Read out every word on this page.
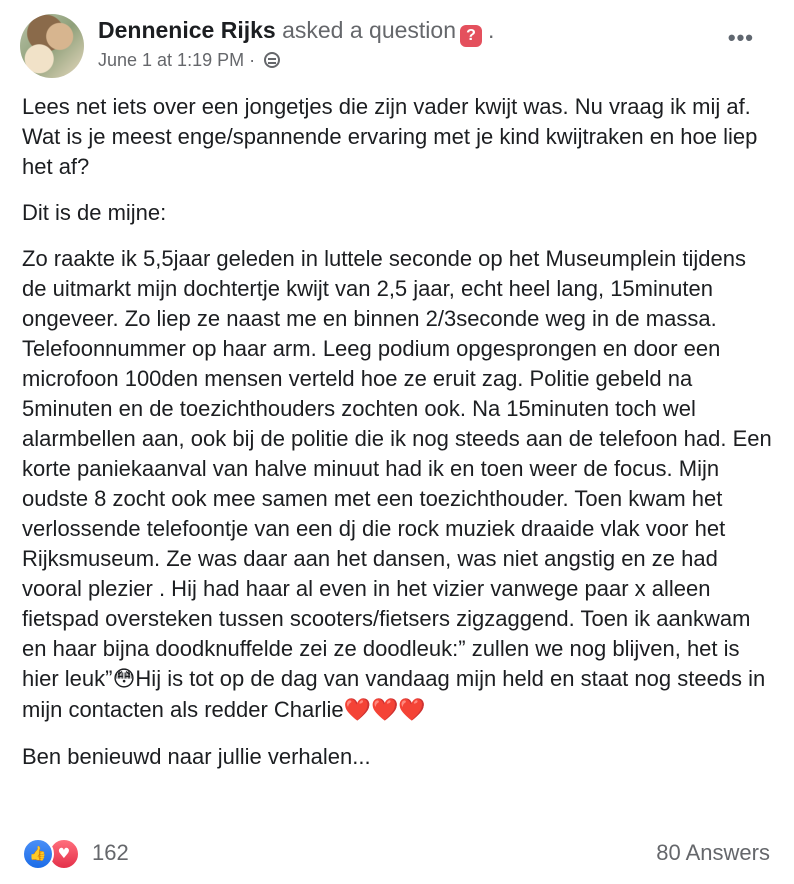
Dennenice Rijks asked a question ? .
June 1 at 1:19 PM ·
•••

Lees net iets over een jongetjes die zijn vader kwijt was. Nu vraag ik mij af. Wat is je meest enge/spannende ervaring met je kind kwijtraken en hoe liep het af?

Dit is de mijne:

Zo raakte ik 5,5jaar geleden in luttele seconde op het Museumplein tijdens de uitmarkt mijn dochtertje kwijt van 2,5 jaar, echt heel lang, 15minuten ongeveer. Zo liep ze naast me en binnen 2/3seconde weg in de massa. Telefoonnummer op haar arm. Leeg podium opgesprongen en door een microfoon 100den mensen verteld hoe ze eruit zag. Politie gebeld na 5minuten en de toezichthouders zochten ook. Na 15minuten toch wel alarmbellen aan, ook bij de politie die ik nog steeds aan de telefoon had. Een korte paniekaanval van halve minuut had ik en toen weer de focus. Mijn oudste 8 zocht ook mee samen met een toezichthouder. Toen kwam het verlossende telefoontje van een dj die rock muziek draaide vlak voor het Rijksmuseum. Ze was daar aan het dansen, was niet angstig en ze had vooral plezier . Hij had haar al even in het vizier vanwege paar x alleen fietspad oversteken tussen scooters/fietsers zigzaggend. Toen ik aankwam en haar bijna doodknuffelde zei ze doodleuk:” zullen we nog blijven, het is hier leuk”😳Hij is tot op de dag van vandaag mijn held en staat nog steeds in mijn contacten als redder Charlie❤️❤️❤️

Ben benieuwd naar jullie verhalen...

👍 ♥ 162	80 Answers
